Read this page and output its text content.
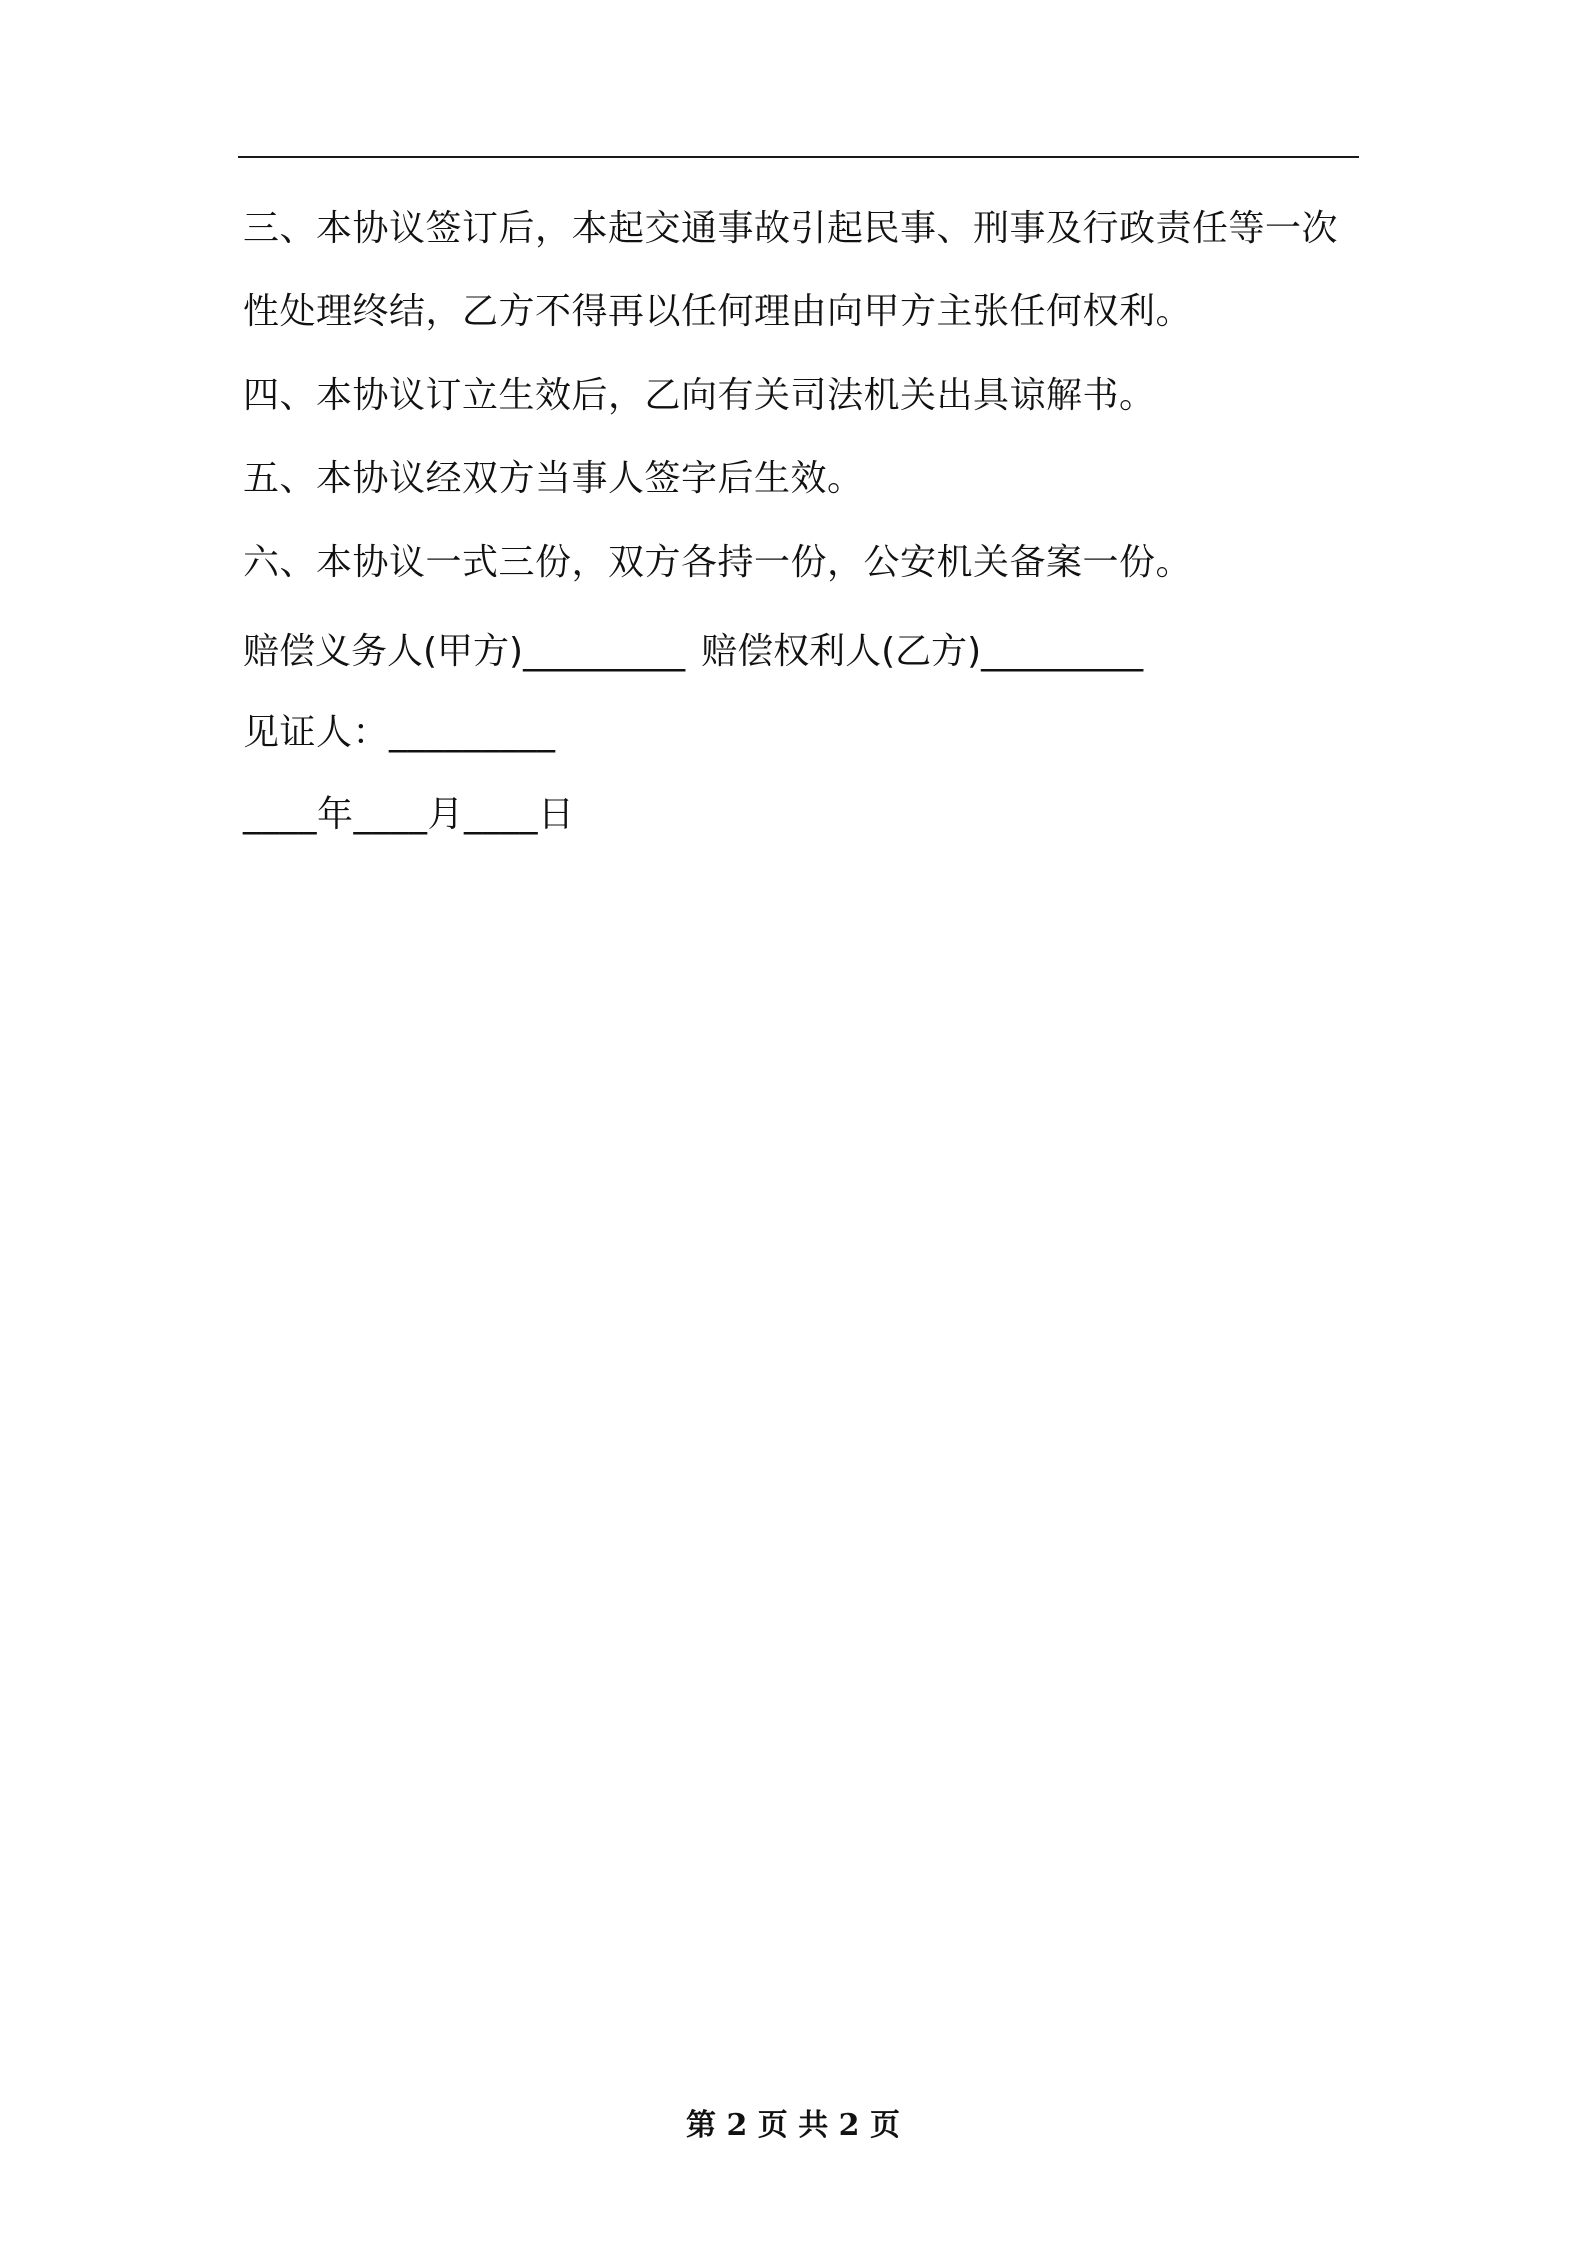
三、本协议签订后，本起交通事故引起民事、刑事及行政责任等一次
性处理终结，乙方不得再以任何理由向甲方主张任何权利。
四、本协议订立生效后，乙向有关司法机关出具谅解书。
五、本协议经双方当事人签字后生效。
六、本协议一式三份，双方各持一份，公安机关备案一份。
赔偿义务人(甲方)_________ 赔偿权利人(乙方)_________
见证人：_________
____年____月____日
第 2 页 共 2 页
